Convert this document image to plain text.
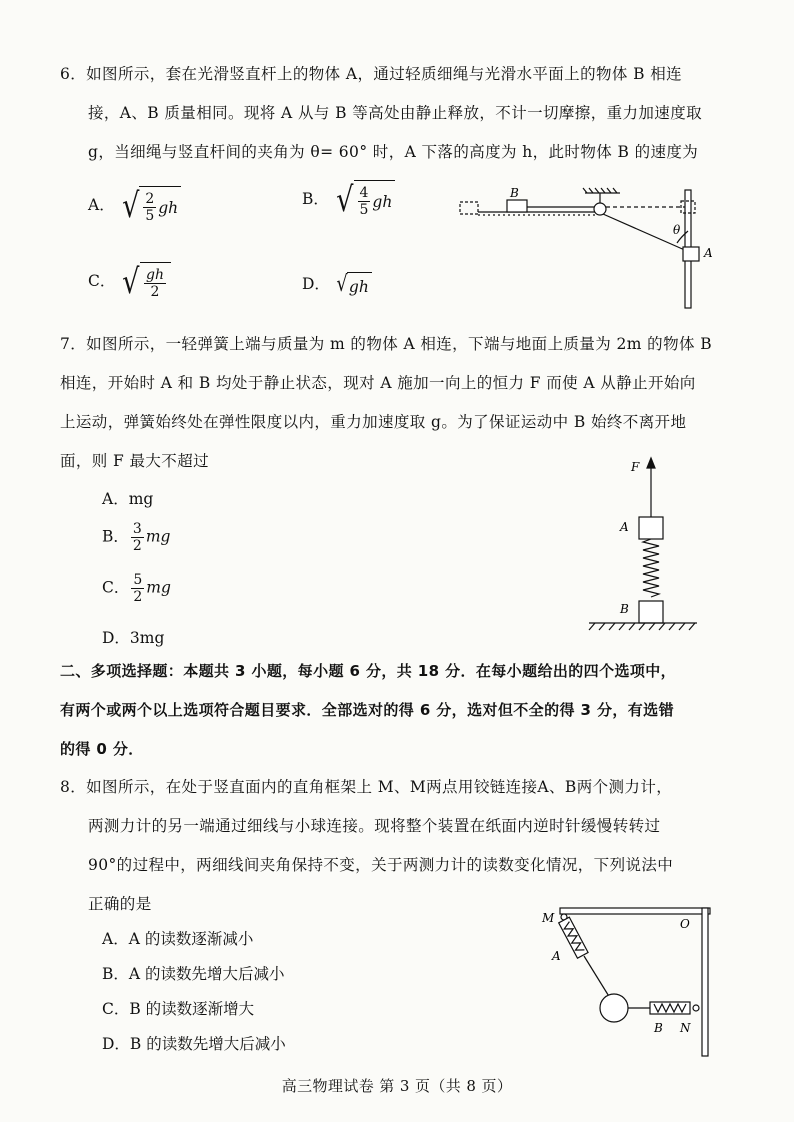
6．如图所示，套在光滑竖直杆上的物体 A，通过轻质细绳与光滑水平面上的物体 B 相连
接，A、B 质量相同。现将 A 从与 B 等高处由静止释放，不计一切摩擦，重力加速度取
g，当细绳与竖直杆间的夹角为 θ= 60° 时，A 下落的高度为 h，此时物体 B 的速度为
A． √ $\frac{2}{5}$ gh	B． √ $\frac{4}{5}$ gh
C． √ $\frac{gh}{2}$	D． √ gh
B
θ
A
7．如图所示，一轻弹簧上端与质量为 m 的物体 A 相连，下端与地面上质量为 2m 的物体 B
相连，开始时 A 和 B 均处于静止状态，现对 A 施加一向上的恒力 F 而使 A 从静止开始向
上运动，弹簧始终处在弹性限度以内，重力加速度取 g。为了保证运动中 B 始终不离开地
面，则 F 最大不超过
A．mg
B． $\frac{3}{2}$ mg
C． $\frac{5}{2}$ mg
D．3mg
F
A
B
二、多项选择题：本题共 3 小题，每小题 6 分，共 18 分．在每小题给出的四个选项中，
有两个或两个以上选项符合题目要求．全部选对的得 6 分，选对但不全的得 3 分，有选错
的得 0 分．
8．如图所示，在处于竖直面内的直角框架上 M、M两点用铰链连接A、B两个测力计，
两测力计的另一端通过细线与小球连接。现将整个装置在纸面内逆时针缓慢转转过
90°的过程中，两细线间夹角保持不变，关于两测力计的读数变化情况，下列说法中
正确的是
A．A 的读数逐渐减小
B．A 的读数先增大后减小
C．B 的读数逐渐增大
D．B 的读数先增大后减小
M	O
A
B N
高三物理试卷 第 3 页（共 8 页）
